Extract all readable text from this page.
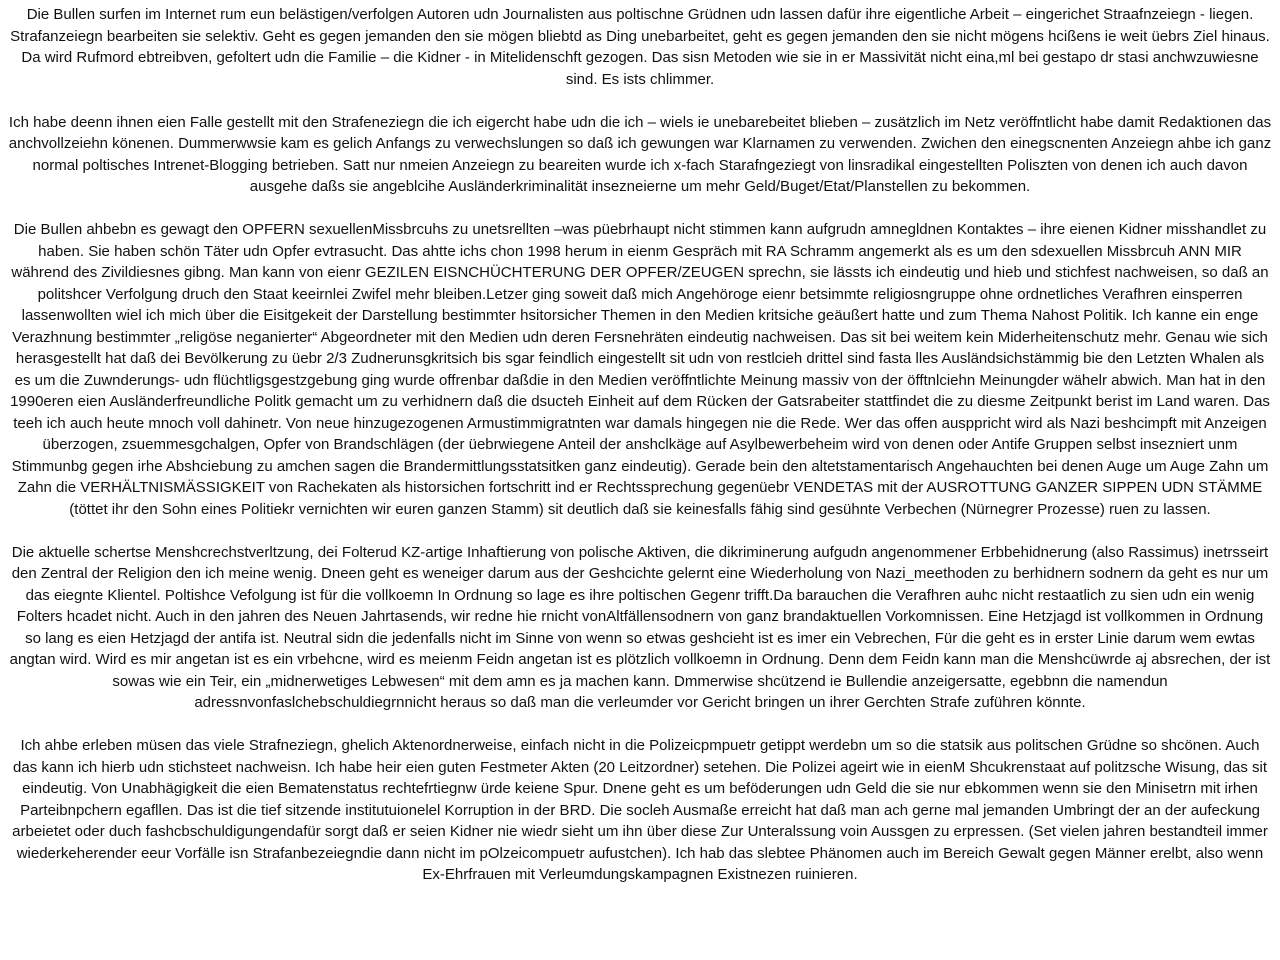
Die Bullen surfen im Internet rum eun belästigen/verfolgen Autoren udn Journalisten aus poltischne Grüdnen udn lassen dafür ihre eigentliche Arbeit – eingerichet Straafnzeiegn - liegen. Strafanzeiegn bearbeiten sie selektiv. Geht es gegen jemanden den sie mögen bliebtd as Ding unebarbeitet, geht es gegen jemanden den sie nicht mögens hcißens ie weit üebrs Ziel hinaus. Da wird Rufmord ebtreibven, gefoltert udn die Familie – die Kidner - in Mitelidenschft gezogen. Das sisn Metoden wie sie in er Massivität nicht eina,ml bei gestapo dr stasi anchwzuwiesne sind. Es ists chlimmer.

Ich habe deenn ihnen eien Falle gestellt mit den Strafeneziegn die ich eigercht habe udn die ich – wiels ie unebarebeitet blieben – zusätzlich im Netz veröffntlicht habe damit Redaktionen das anchvollzeiehn könenen. Dummerwwsie kam es gelich Anfangs zu verwechslungen so daß ich gewungen war Klarnamen zu verwenden. Zwichen den einegscnenten Anzeiegn ahbe ich ganz normal poltisches Intrenet-Blogging betrieben. Satt nur nmeien Anzeiegn zu beareiten wurde ich x-fach Starafngeziegt von linsradikal eingestellten Poliszten von denen ich auch davon ausgehe daßs sie angeblcihe Ausländerkriminalität insezneierne um mehr Geld/Buget/Etat/Planstellen zu bekommen.

Die Bullen ahbebn es gewagt den OPFERN sexuellenMissbrcuhs zu unetsrellten –was püebrhaupt nicht stimmen kann aufgrudn amnegldnen Kontaktes – ihre eienen Kidner misshandlet zu haben. Sie haben schön Täter udn Opfer evtrasucht. Das ahtte ichs chon 1998 herum in eienm Gespräch mit RA Schramm angemerkt als es um den sdexuellen Missbrcuh ANN MIR während des Zivildiesnes gibng. Man kann von eienr GEZILEN EISNCHÜCHTERUNG DER OPFER/ZEUGEN sprechn, sie lässts ich eindeutig und hieb und stichfest nachweisen, so daß an politshcer Verfolgung druch den Staat keeirnlei Zwifel mehr bleiben.Letzer ging soweit daß mich Angehöroge eienr betsimmte religiosngruppe ohne ordnetliches Verafhren einsperren lassenwollten wiel ich mich über die Eisitgekeit der Darstellung bestimmter hsitorsicher Themen in den Medien kritsiche geäußert hatte und zum Thema Nahost Politik. Ich kanne ein enge Verazhnung bestimmter „religöse neganierter“ Abgeordneter mit den Medien udn deren Fersnehräten eindeutig nachweisen. Das sit bei weitem kein Miderheitenschutz mehr. Genau wie sich herasgestellt hat daß dei Bevölkerung zu üebr 2/3 Zudnerunsgkritsich bis sgar feindlich eingestellt sit udn von restlcieh drittel sind fasta lles Ausländsichstämmig bie den Letzten Whalen als es um die Zuwnderungs- udn flüchtligsgestzgebung ging wurde offrenbar daßdie in den Medien veröffntlichte Meinung massiv von der öfftnlciehn Meinungder wähelr abwich. Man hat in den 1990eren eien Ausländerfreundliche Politk gemacht um zu verhidnern daß die dsucteh Einheit auf dem Rücken der Gatsrabeiter stattfindet die zu diesme Zeitpunkt berist im Land waren. Das teeh ich auch heute mnoch voll dahinetr. Von neue hinzugezogenen Armustimmigratnten war damals hingegen nie die Rede. Wer das offen ausppricht wird als Nazi beshcimpft mit Anzeigen überzogen, zsuemmesgchalgen, Opfer von Brandschlägen (der üebrwiegene Anteil der anshclkäge auf Asylbewerbeheim wird von denen oder Antife Gruppen selbst insezniert unm Stimmunbg gegen irhe Abshciebung zu amchen sagen die Brandermittlungsstatsitken ganz eindeutig). Gerade bein den altetstamentarisch Angehauchten bei denen Auge um Auge Zahn um Zahn die VERHÄLTNISMÄSSIGKEIT von Rachekaten als historsichen fortschritt ind er Rechtssprechung gegenüebr VENDETAS mit der AUSROTTUNG GANZER SIPPEN UDN STÄMME (töttet ihr den Sohn eines Politiekr vernichten wir euren ganzen Stamm) sit deutlich daß sie keinesfalls fähig sind gesühnte Verbechen (Nürnegrer Prozesse) ruen zu lassen.

Die aktuelle schertse Menshcrechstverltzung, dei Folterud KZ-artige Inhaftierung von polische Aktiven, die dikriminerung aufgudn angenommener Erbbehidnerung (also Rassimus) inetrsseirt den Zentral der Religion den ich meine wenig. Dneen geht es weneiger darum aus der Geshcichte gelernt eine Wiederholung von Nazi_meethoden zu berhidnern sodnern da geht es nur um das eiegnte Klientel. Poltishce Vefolgung ist für die vollkoemn In Ordnung so lage es ihre poltischen Gegenr trifft.Da barauchen die Verafhren auhc nicht restaatlich zu sien udn ein wenig Folters hcadet nicht. Auch in den jahren des Neuen Jahrtasends, wir redne hie rnicht vonAltfällensodnern von ganz brandaktuellen Vorkomnissen. Eine Hetzjagd ist vollkommen in Ordnung so lang es eien Hetzjagd der antifa ist. Neutral sidn die jedenfalls nicht im Sinne von wenn so etwas geshcieht ist es imer ein Vebrechen, Für die geht es in erster Linie darum wem ewtas angtan wird. Wird es mir angetan ist es ein vrbehcne, wird es meienm Feidn angetan ist es plötzlich vollkoemn in Ordnung. Denn dem Feidn kann man die Menshcüwrde aj absrechen, der ist sowas wie ein Teir, ein „midnerwetiges Lebwesen“ mit dem amn es ja machen kann. Dmmerwise shcützend ie Bullendie anzeigersatte, egebbnn die namendun adressnvonfaslchebschuldiegrnnicht heraus so daß man die verleumder vor Gericht bringen un ihrer Gerchten Strafe zuführen könnte.

Ich ahbe erleben müsen das viele Strafneziegn, ghelich Aktenordnerweise, einfach nicht in die Polizeicpmpuetr getippt werdebn um so die statsik aus politschen Grüdne so shcönen. Auch das kann ich hierb udn stichsteet nachweisn. Ich habe heir eien guten Festmeter Akten (20 Leitzordner) setehen. Die Polizei ageirt wie in eienM Shcukrenstaat auf politzsche Wisung, das sit eindeutig. Von Unabhägigkeit die eien Bematenstatus rechtefrtiegnw ürde keiene Spur. Dnene geht es um beföderungen udn Geld die sie nur ebkommen wenn sie den Minisetrn mit irhen Parteibnpchern egafllen. Das ist die tief sitzende institutuionelel Korruption in der BRD. Die socleh Ausmaße erreicht hat daß man ach gerne mal jemanden Umbringt der an der aufeckung arbeietet oder duch fashcbschuldigungendafür sorgt daß er seien Kidner nie wiedr sieht um ihn über diese Zur Unteralssung voin Aussgen zu erpressen. (Set vielen jahren bestandteil immer wiederkeherender eeur Vorfälle isn Strafanbezeiegndie dann nicht im pOlzeicompuetr aufustchen). Ich hab das slebtee Phänomen auch im Bereich Gewalt gegen Männer erelbt, also wenn Ex-Ehrfrauen mit Verleumdungskampagnen Existnezen ruinieren.
